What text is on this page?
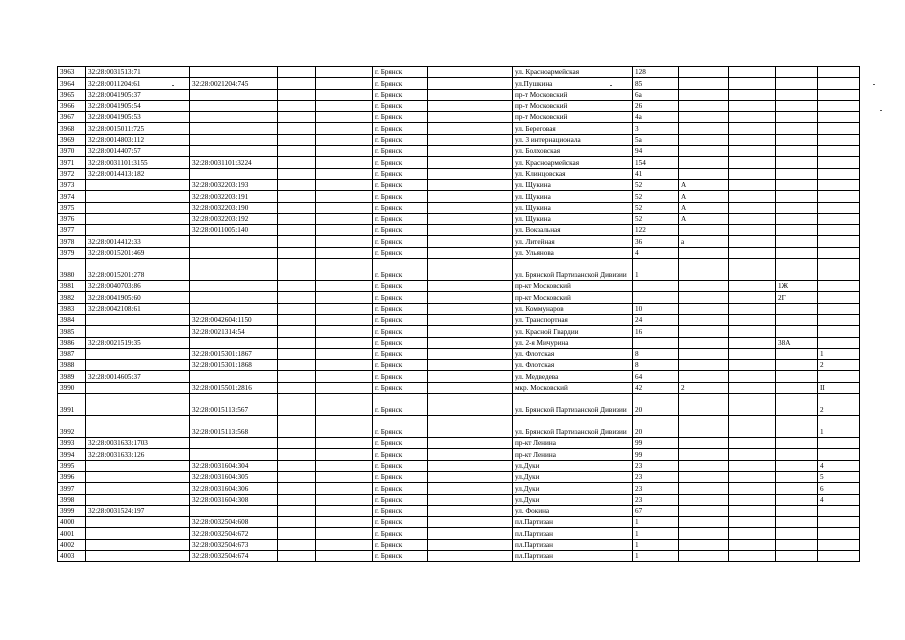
3963	32:28:0031513:71				г. Брянск		ул. Красноармейская	128				
3964	32:28:0011204:61	32:28:0021204:745			г. Брянск		ул.Пушкина	85				
3965	32:28:0041905:37				г. Брянск		пр-т Московский	6а				
3966	32:28:0041905:54				г. Брянск		пр-т Московский	26				
3967	32:28:0041905:53				г. Брянск		пр-т Московский	4а				
3968	32:28:0015011:725				г. Брянск		ул. Береговая	3				
3969	32:28:0014803:112				г. Брянск		ул. 3 интернационала	5а				
3970	32:28:0014407:57				г. Брянск		ул. Болховская	94				
3971	32:28:0031101:3155	32:28:0031101:3224			г. Брянск		ул. Красноармейская	154				
3972	32:28:0014413:182				г. Брянск		ул. Клинцовская	41				
3973		32:28:0032203:193			г. Брянск		ул. Щукина	52	А			
3974		32:28:0032203:191			г. Брянск		ул. Щукина	52	А			
3975		32:28:0032203:190			г. Брянск		ул. Щукина	52	А			
3976		32:28:0032203:192			г. Брянск		ул. Щукина	52	А			
3977		32:28:0011005:140			г. Брянск		ул. Вокзальная	122				
3978	32:28:0014412:33				г. Брянск		ул. Литейная	36	а			
3979	32:28:0015201:469				г. Брянск		ул. Ульянова	4				
3980	32:28:0015201:278				г. Брянск		ул. Брянской Партизанской Дивизии	1				
3981	32:28:0040703:86				г. Брянск		пр-кт Московский				1Ж	
3982	32:28:0041905:60				г. Брянск		пр-кт Московский				2Г	
3983	32:28:0042108:61				г. Брянск		ул. Коммунаров	10				
3984		32:28:0042604:1150			г. Брянск		ул. Транспортная	24				
3985		32:28:0021314:54			г. Брянск		ул. Красной Гвардии	16				
3986	32:28:0021519:35				г. Брянск		ул. 2-я Мичурина				38А	
3987		32:28:0015301:1867			г. Брянск		ул. Флотская	8				1
3988		32:28:0015301:1868			г. Брянск		ул. Флотская	8				2
3989	32:28:0014605:37				г. Брянск		ул. Медведева	64				
3990		32:28:0015501:2816			г. Брянск		мкр. Московский	42	2			II
3991		32:28:0015113:567			г. Брянск		ул. Брянской Партизанской Дивизии	20				2
3992		32:28:0015113:568			г. Брянск		ул. Брянской Партизанской Дивизии	20				1
3993	32:28:0031633:1703				г. Брянск		пр-кт Ленина	99				
3994	32:28:0031633:126				г. Брянск		пр-кт Ленина	99				
3995		32:28:0031604:304			г. Брянск		ул.Дуки	23				4
3996		32:28:0031604:305			г. Брянск		ул.Дуки	23				5
3997		32:28:0031604:306			г. Брянск		ул.Дуки	23				6
3998		32:28:0031604:308			г. Брянск		ул.Дуки	23				4
3999	32:28:0031524:197				г. Брянск		ул. Фокина	67				
4000		32:28:0032504:608			г. Брянск		пл.Партизан	1				
4001		32:28:0032504:672			г. Брянск		пл.Партизан	1				
4002		32:28:0032504:673			г. Брянск		пл.Партизан	1				
4003		32:28:0032504:674			г. Брянск		пл.Партизан	1				
